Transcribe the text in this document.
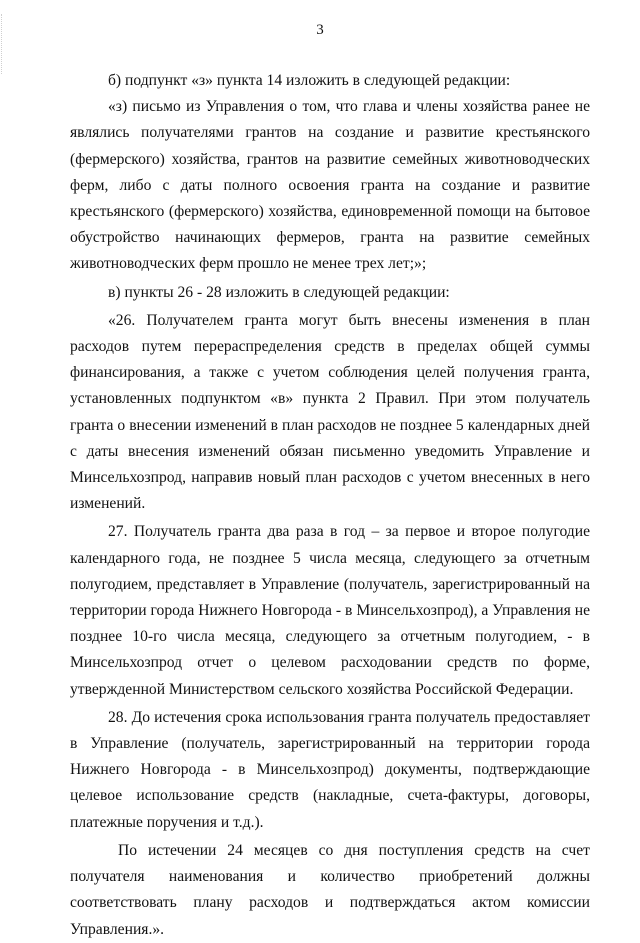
3

б) подпункт «з» пункта 14 изложить в следующей редакции:

«з) письмо из Управления о том, что глава и члены хозяйства ранее не являлись получателями грантов на создание и развитие крестьянского (фермерского) хозяйства, грантов на развитие семейных животноводческих ферм, либо с даты полного освоения гранта на создание и развитие крестьянского (фермерского) хозяйства, единовременной помощи на бытовое обустройство начинающих фермеров, гранта на развитие семейных животноводческих ферм прошло не менее трех лет;»;

в) пункты 26 - 28 изложить в следующей редакции:

«26. Получателем гранта могут быть внесены изменения в план расходов путем перераспределения средств в пределах общей суммы финансирования, а также с учетом соблюдения целей получения гранта, установленных подпунктом «в» пункта 2 Правил. При этом получатель гранта о внесении изменений в план расходов не позднее 5 календарных дней с даты внесения изменений обязан письменно уведомить Управление и Минсельхозпрод, направив новый план расходов с учетом внесенных в него изменений.

27. Получатель гранта два раза в год – за первое и второе полугодие календарного года, не позднее 5 числа месяца, следующего за отчетным полугодием, представляет в Управление (получатель, зарегистрированный на территории города Нижнего Новгорода - в Минсельхозпрод), а Управления не позднее 10-го числа месяца, следующего за отчетным полугодием, - в Минсельхозпрод отчет о целевом расходовании средств по форме, утвержденной Министерством сельского хозяйства Российской Федерации.

28. До истечения срока использования гранта получатель предоставляет в Управление (получатель, зарегистрированный на территории города Нижнего Новгорода - в Минсельхозпрод) документы, подтверждающие целевое использование средств (накладные, счета-фактуры, договоры, платежные поручения и т.д.).

По истечении 24 месяцев со дня поступления средств на счет получателя наименования и количество приобретений должны соответствовать плану расходов и подтверждаться актом комиссии Управления.».
